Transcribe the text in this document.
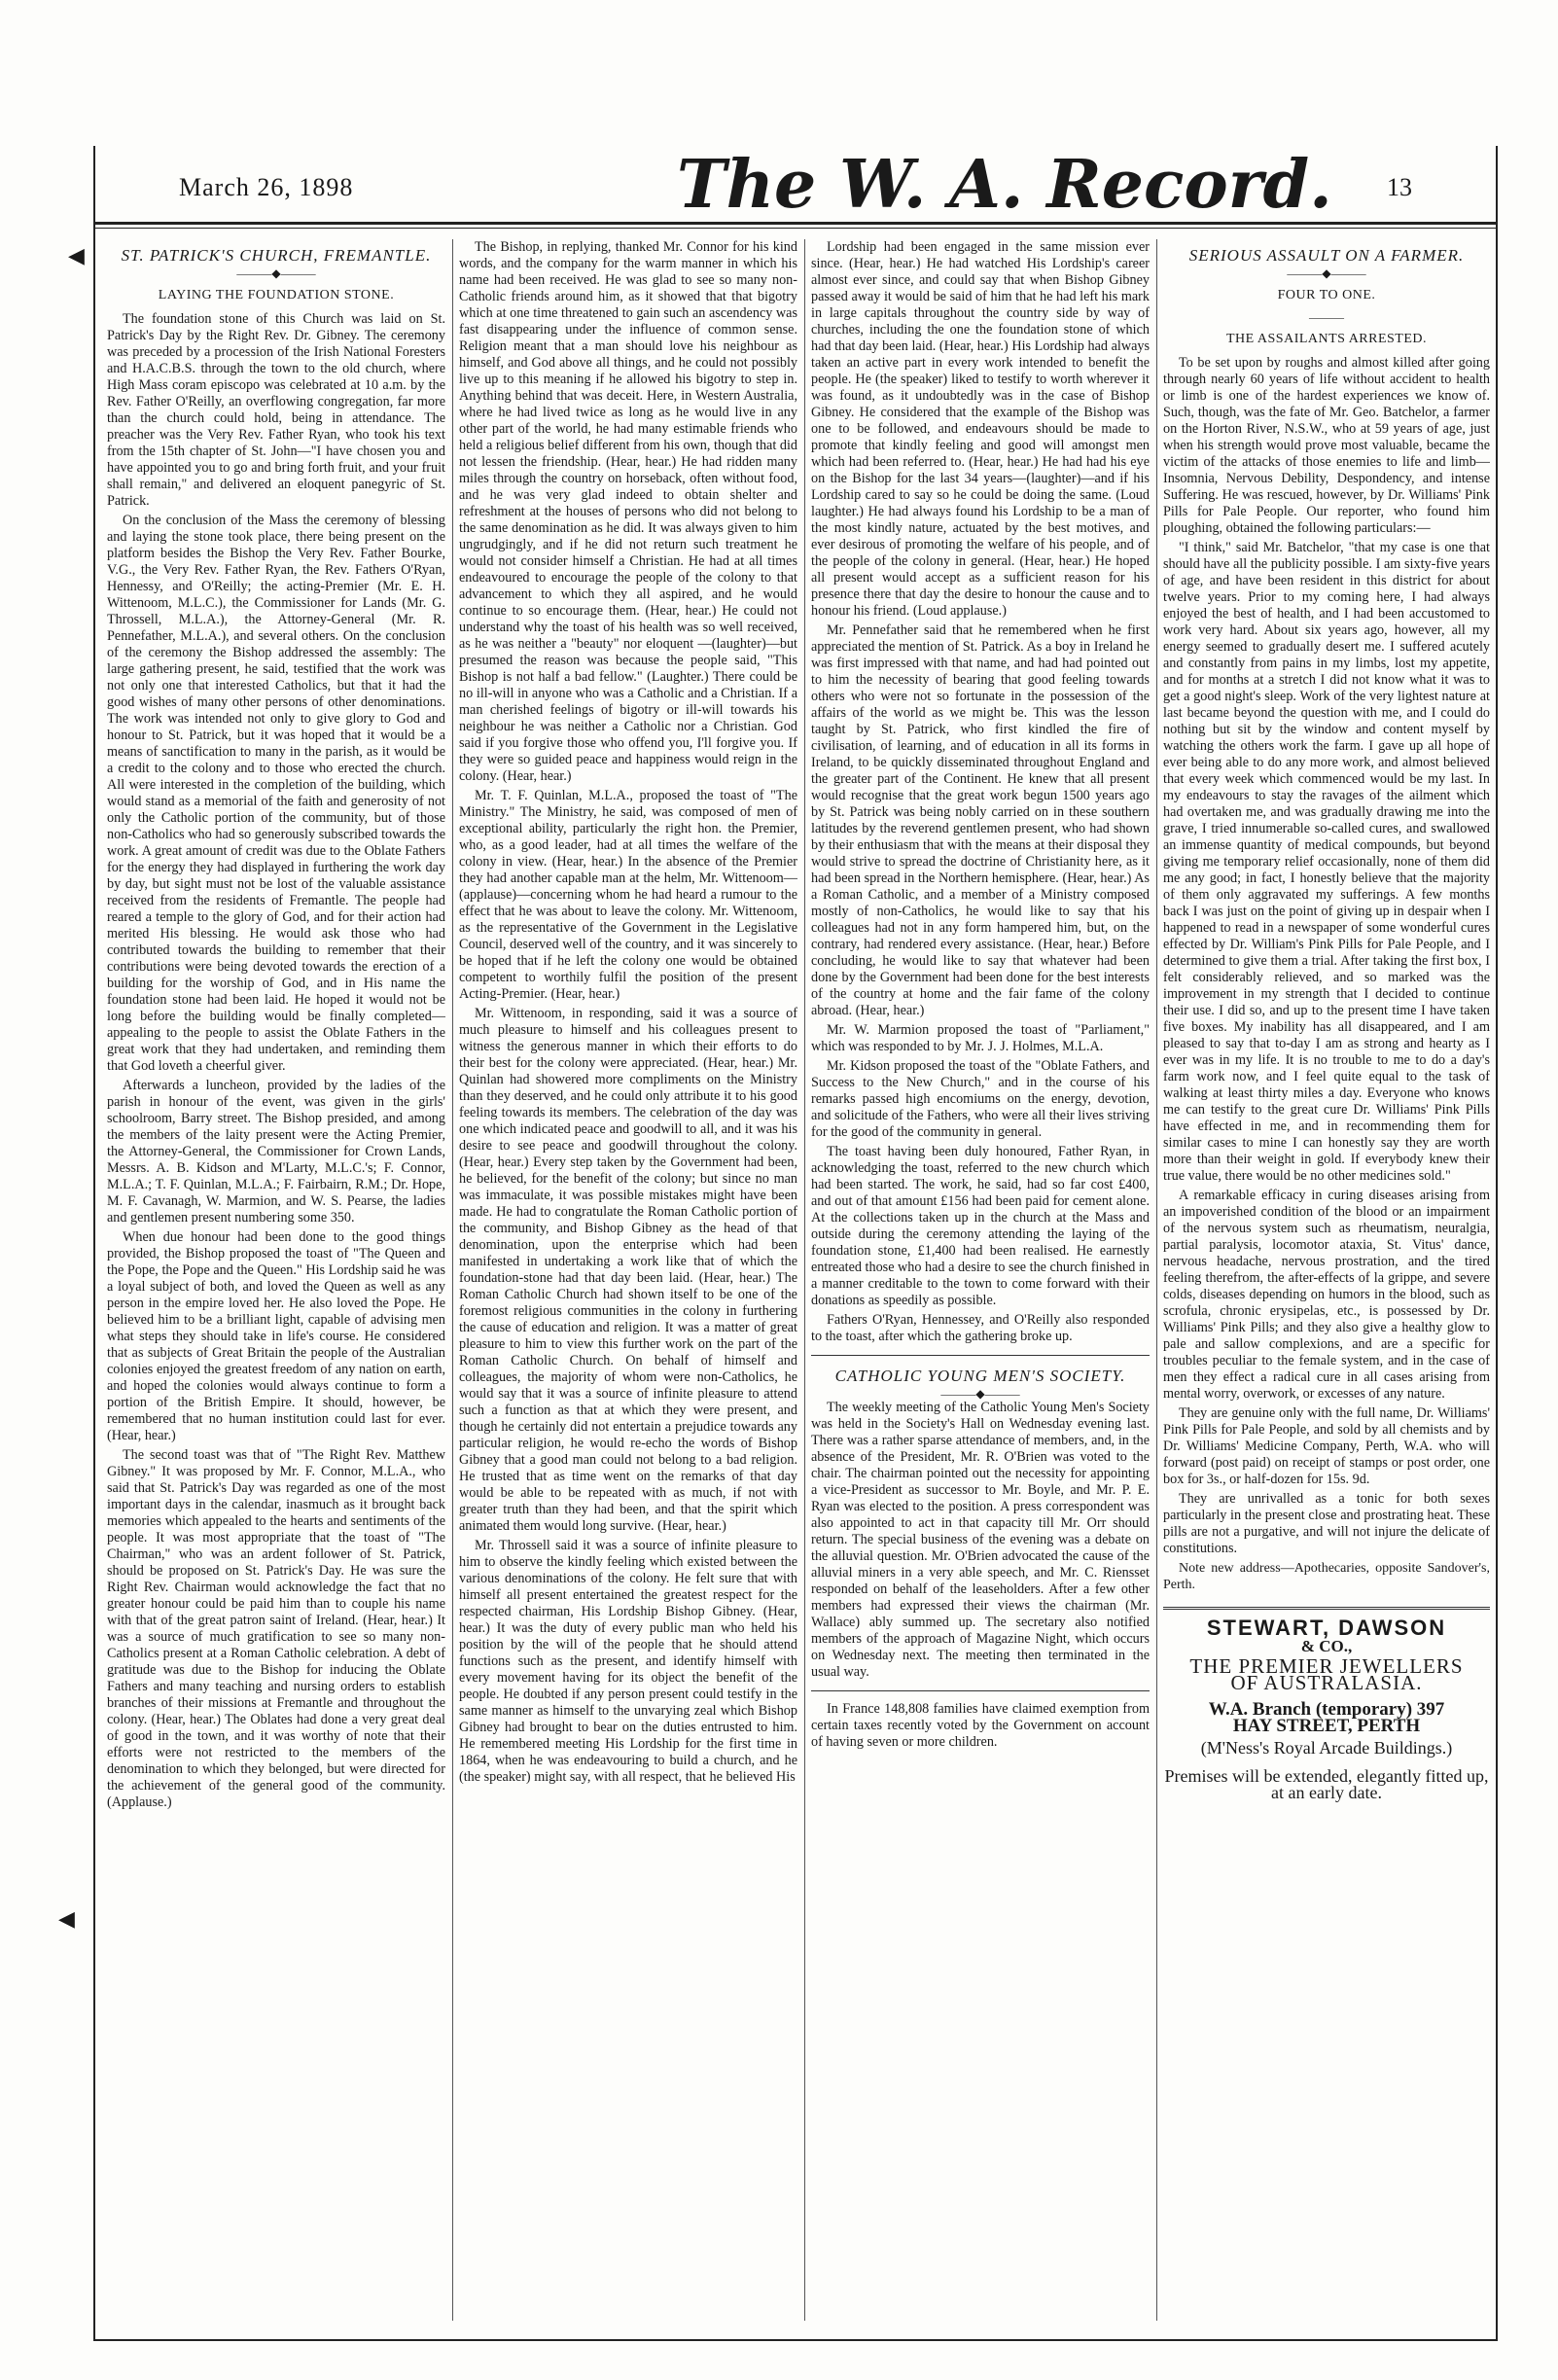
March 26, 1898	The W. A. Record. 13
◀
◀
ST. PATRICK'S CHURCH, FREMANTLE.
———◆———
LAYING THE FOUNDATION STONE.

The foundation stone of this Church was laid on St. Patrick's Day by the Right Rev. Dr. Gibney. The ceremony was preceded by a procession of the Irish National Foresters and H.A.C.B.S. through the town to the old church, where High Mass coram episcopo was celebrated at 10 a.m. by the Rev. Father O'Reilly, an overflowing congregation, far more than the church could hold, being in attendance. The preacher was the Very Rev. Father Ryan, who took his text from the 15th chapter of St. John—"I have chosen you and have appointed you to go and bring forth fruit, and your fruit shall remain," and delivered an eloquent panegyric of St. Patrick.

On the conclusion of the Mass the ceremony of blessing and laying the stone took place, there being present on the platform besides the Bishop the Very Rev. Father Bourke, V.G., the Very Rev. Father Ryan, the Rev. Fathers O'Ryan, Hennessy, and O'Reilly; the acting-Premier (Mr. E. H. Wittenoom, M.L.C.), the Commissioner for Lands (Mr. G. Throssell, M.L.A.), the Attorney-General (Mr. R. Pennefather, M.L.A.), and several others. On the conclusion of the ceremony the Bishop addressed the assembly: The large gathering present, he said, testified that the work was not only one that interested Catholics, but that it had the good wishes of many other persons of other denominations. The work was intended not only to give glory to God and honour to St. Patrick, but it was hoped that it would be a means of sanctification to many in the parish, as it would be a credit to the colony and to those who erected the church. All were interested in the completion of the building, which would stand as a memorial of the faith and generosity of not only the Catholic portion of the community, but of those non-Catholics who had so generously subscribed towards the work. A great amount of credit was due to the Oblate Fathers for the energy they had displayed in furthering the work day by day, but sight must not be lost of the valuable assistance received from the residents of Fremantle. The people had reared a temple to the glory of God, and for their action had merited His blessing. He would ask those who had contributed towards the building to remember that their contributions were being devoted towards the erection of a building for the worship of God, and in His name the foundation stone had been laid. He hoped it would not be long before the building would be finally completed—appealing to the people to assist the Oblate Fathers in the great work that they had undertaken, and reminding them that God loveth a cheerful giver.

Afterwards a luncheon, provided by the ladies of the parish in honour of the event, was given in the girls' schoolroom, Barry street. The Bishop presided, and among the members of the laity present were the Acting Premier, the Attorney-General, the Commissioner for Crown Lands, Messrs. A. B. Kidson and M'Larty, M.L.C.'s; F. Connor, M.L.A.; T. F. Quinlan, M.L.A.; F. Fairbairn, R.M.; Dr. Hope, M. F. Cavanagh, W. Marmion, and W. S. Pearse, the ladies and gentlemen present numbering some 350.

When due honour had been done to the good things provided, the Bishop proposed the toast of "The Queen and the Pope, the Pope and the Queen." His Lordship said he was a loyal subject of both, and loved the Queen as well as any person in the empire loved her. He also loved the Pope. He believed him to be a brilliant light, capable of advising men what steps they should take in life's course. He considered that as subjects of Great Britain the people of the Australian colonies enjoyed the greatest freedom of any nation on earth, and hoped the colonies would always continue to form a portion of the British Empire. It should, however, be remembered that no human institution could last for ever. (Hear, hear.)

The second toast was that of "The Right Rev. Matthew Gibney." It was proposed by Mr. F. Connor, M.L.A., who said that St. Patrick's Day was regarded as one of the most important days in the calendar, inasmuch as it brought back memories which appealed to the hearts and sentiments of the people. It was most appropriate that the toast of "The Chairman," who was an ardent follower of St. Patrick, should be proposed on St. Patrick's Day. He was sure the Right Rev. Chairman would acknowledge the fact that no greater honour could be paid him than to couple his name with that of the great patron saint of Ireland. (Hear, hear.) It was a source of much gratification to see so many non-Catholics present at a Roman Catholic celebration. A debt of gratitude was due to the Bishop for inducing the Oblate Fathers and many teaching and nursing orders to establish branches of their missions at Fremantle and throughout the colony. (Hear, hear.) The Oblates had done a very great deal of good in the town, and it was worthy of note that their efforts were not restricted to the members of the denomination to which they belonged, but were directed for the achievement of the general good of the community. (Applause.)

The Bishop, in replying, thanked Mr. Connor for his kind words, and the company for the warm manner in which his name had been received. He was glad to see so many non-Catholic friends around him, as it showed that that bigotry which at one time threatened to gain such an ascendency was fast disappearing under the influence of common sense. Religion meant that a man should love his neighbour as himself, and God above all things, and he could not possibly live up to this meaning if he allowed his bigotry to step in. Anything behind that was deceit. Here, in Western Australia, where he had lived twice as long as he would live in any other part of the world, he had many estimable friends who held a religious belief different from his own, though that did not lessen the friendship. (Hear, hear.) He had ridden many miles through the country on horseback, often without food, and he was very glad indeed to obtain shelter and refreshment at the houses of persons who did not belong to the same denomination as he did. It was always given to him ungrudgingly, and if he did not return such treatment he would not consider himself a Christian. He had at all times endeavoured to encourage the people of the colony to that advancement to which they all aspired, and he would continue to so encourage them. (Hear, hear.) He could not understand why the toast of his health was so well received, as he was neither a "beauty" nor eloquent —(laughter)—but presumed the reason was because the people said, "This Bishop is not half a bad fellow." (Laughter.) There could be no ill-will in anyone who was a Catholic and a Christian. If a man cherished feelings of bigotry or ill-will towards his neighbour he was neither a Catholic nor a Christian. God said if you forgive those who offend you, I'll forgive you. If they were so guided peace and happiness would reign in the colony. (Hear, hear.)

Mr. T. F. Quinlan, M.L.A., proposed the toast of "The Ministry." The Ministry, he said, was composed of men of exceptional ability, particularly the right hon. the Premier, who, as a good leader, had at all times the welfare of the colony in view. (Hear, hear.) In the absence of the Premier they had another capable man at the helm, Mr. Wittenoom—(applause)—concerning whom he had heard a rumour to the effect that he was about to leave the colony. Mr. Wittenoom, as the representative of the Government in the Legislative Council, deserved well of the country, and it was sincerely to be hoped that if he left the colony one would be obtained competent to worthily fulfil the position of the present Acting-Premier. (Hear, hear.)

Mr. Wittenoom, in responding, said it was a source of much pleasure to himself and his colleagues present to witness the generous manner in which their efforts to do their best for the colony were appreciated. (Hear, hear.) Mr. Quinlan had showered more compliments on the Ministry than they deserved, and he could only attribute it to his good feeling towards its members. The celebration of the day was one which indicated peace and goodwill to all, and it was his desire to see peace and goodwill throughout the colony. (Hear, hear.) Every step taken by the Government had been, he believed, for the benefit of the colony; but since no man was immaculate, it was possible mistakes might have been made. He had to congratulate the Roman Catholic portion of the community, and Bishop Gibney as the head of that denomination, upon the enterprise which had been manifested in undertaking a work like that of which the foundation-stone had that day been laid. (Hear, hear.) The Roman Catholic Church had shown itself to be one of the foremost religious communities in the colony in furthering the cause of education and religion. It was a matter of great pleasure to him to view this further work on the part of the Roman Catholic Church. On behalf of himself and colleagues, the majority of whom were non-Catholics, he would say that it was a source of infinite pleasure to attend such a function as that at which they were present, and though he certainly did not entertain a prejudice towards any particular religion, he would re-echo the words of Bishop Gibney that a good man could not belong to a bad religion. He trusted that as time went on the remarks of that day would be able to be repeated with as much, if not with greater truth than they had been, and that the spirit which animated them would long survive. (Hear, hear.)

Mr. Throssell said it was a source of infinite pleasure to him to observe the kindly feeling which existed between the various denominations of the colony. He felt sure that with himself all present entertained the greatest respect for the respected chairman, His Lordship Bishop Gibney. (Hear, hear.) It was the duty of every public man who held his position by the will of the people that he should attend functions such as the present, and identify himself with every movement having for its object the benefit of the people. He doubted if any person present could testify in the same manner as himself to the unvarying zeal which Bishop Gibney had brought to bear on the duties entrusted to him. He remembered meeting His Lordship for the first time in 1864, when he was endeavouring to build a church, and he (the speaker) might say, with all respect, that he believed His

Lordship had been engaged in the same mission ever since. (Hear, hear.) He had watched His Lordship's career almost ever since, and could say that when Bishop Gibney passed away it would be said of him that he had left his mark in large capitals throughout the country side by way of churches, including the one the foundation stone of which had that day been laid. (Hear, hear.) His Lordship had always taken an active part in every work intended to benefit the people. He (the speaker) liked to testify to worth wherever it was found, as it undoubtedly was in the case of Bishop Gibney. He considered that the example of the Bishop was one to be followed, and endeavours should be made to promote that kindly feeling and good will amongst men which had been referred to. (Hear, hear.) He had had his eye on the Bishop for the last 34 years—(laughter)—and if his Lordship cared to say so he could be doing the same. (Loud laughter.) He had always found his Lordship to be a man of the most kindly nature, actuated by the best motives, and ever desirous of promoting the welfare of his people, and of the people of the colony in general. (Hear, hear.) He hoped all present would accept as a sufficient reason for his presence there that day the desire to honour the cause and to honour his friend. (Loud applause.)

Mr. Pennefather said that he remembered when he first appreciated the mention of St. Patrick. As a boy in Ireland he was first impressed with that name, and had had pointed out to him the necessity of bearing that good feeling towards others who were not so fortunate in the possession of the affairs of the world as we might be. This was the lesson taught by St. Patrick, who first kindled the fire of civilisation, of learning, and of education in all its forms in Ireland, to be quickly disseminated throughout England and the greater part of the Continent. He knew that all present would recognise that the great work begun 1500 years ago by St. Patrick was being nobly carried on in these southern latitudes by the reverend gentlemen present, who had shown by their enthusiasm that with the means at their disposal they would strive to spread the doctrine of Christianity here, as it had been spread in the Northern hemisphere. (Hear, hear.) As a Roman Catholic, and a member of a Ministry composed mostly of non-Catholics, he would like to say that his colleagues had not in any form hampered him, but, on the contrary, had rendered every assistance. (Hear, hear.) Before concluding, he would like to say that whatever had been done by the Government had been done for the best interests of the country at home and the fair fame of the colony abroad. (Hear, hear.)

Mr. W. Marmion proposed the toast of "Parliament," which was responded to by Mr. J. J. Holmes, M.L.A.

Mr. Kidson proposed the toast of the "Oblate Fathers, and Success to the New Church," and in the course of his remarks passed high encomiums on the energy, devotion, and solicitude of the Fathers, who were all their lives striving for the good of the community in general.

The toast having been duly honoured, Father Ryan, in acknowledging the toast, referred to the new church which had been started. The work, he said, had so far cost £400, and out of that amount £156 had been paid for cement alone. At the collections taken up in the church at the Mass and outside during the ceremony attending the laying of the foundation stone, £1,400 had been realised. He earnestly entreated those who had a desire to see the church finished in a manner creditable to the town to come forward with their donations as speedily as possible.

Fathers O'Ryan, Hennessey, and O'Reilly also responded to the toast, after which the gathering broke up.

CATHOLIC YOUNG MEN'S SOCIETY.
———◆———

The weekly meeting of the Catholic Young Men's Society was held in the Society's Hall on Wednesday evening last. There was a rather sparse attendance of members, and, in the absence of the President, Mr. R. O'Brien was voted to the chair. The chairman pointed out the necessity for appointing a vice-President as successor to Mr. Boyle, and Mr. P. E. Ryan was elected to the position. A press correspondent was also appointed to act in that capacity till Mr. Orr should return. The special business of the evening was a debate on the alluvial question. Mr. O'Brien advocated the cause of the alluvial miners in a very able speech, and Mr. C. Riensset responded on behalf of the leaseholders. After a few other members had expressed their views the chairman (Mr. Wallace) ably summed up. The secretary also notified members of the approach of Magazine Night, which occurs on Wednesday next. The meeting then terminated in the usual way.

In France 148,808 families have claimed exemption from certain taxes recently voted by the Government on account of having seven or more children.

SERIOUS ASSAULT ON A FARMER.
———◆———
FOUR TO ONE.
———
THE ASSAILANTS ARRESTED.

To be set upon by roughs and almost killed after going through nearly 60 years of life without accident to health or limb is one of the hardest experiences we know of. Such, though, was the fate of Mr. Geo. Batchelor, a farmer on the Horton River, N.S.W., who at 59 years of age, just when his strength would prove most valuable, became the victim of the attacks of those enemies to life and limb—Insomnia, Nervous Debility, Despondency, and intense Suffering. He was rescued, however, by Dr. Williams' Pink Pills for Pale People. Our reporter, who found him ploughing, obtained the following particulars:—

"I think," said Mr. Batchelor, "that my case is one that should have all the publicity possible. I am sixty-five years of age, and have been resident in this district for about twelve years. Prior to my coming here, I had always enjoyed the best of health, and I had been accustomed to work very hard. About six years ago, however, all my energy seemed to gradually desert me. I suffered acutely and constantly from pains in my limbs, lost my appetite, and for months at a stretch I did not know what it was to get a good night's sleep. Work of the very lightest nature at last became beyond the question with me, and I could do nothing but sit by the window and content myself by watching the others work the farm. I gave up all hope of ever being able to do any more work, and almost believed that every week which commenced would be my last. In my endeavours to stay the ravages of the ailment which had overtaken me, and was gradually drawing me into the grave, I tried innumerable so-called cures, and swallowed an immense quantity of medical compounds, but beyond giving me temporary relief occasionally, none of them did me any good; in fact, I honestly believe that the majority of them only aggravated my sufferings. A few months back I was just on the point of giving up in despair when I happened to read in a newspaper of some wonderful cures effected by Dr. William's Pink Pills for Pale People, and I determined to give them a trial. After taking the first box, I felt considerably relieved, and so marked was the improvement in my strength that I decided to continue their use. I did so, and up to the present time I have taken five boxes. My inability has all disappeared, and I am pleased to say that to-day I am as strong and hearty as I ever was in my life. It is no trouble to me to do a day's farm work now, and I feel quite equal to the task of walking at least thirty miles a day. Everyone who knows me can testify to the great cure Dr. Williams' Pink Pills have effected in me, and in recommending them for similar cases to mine I can honestly say they are worth more than their weight in gold. If everybody knew their true value, there would be no other medicines sold."

A remarkable efficacy in curing diseases arising from an impoverished condition of the blood or an impairment of the nervous system such as rheumatism, neuralgia, partial paralysis, locomotor ataxia, St. Vitus' dance, nervous headache, nervous prostration, and the tired feeling therefrom, the after-effects of la grippe, and severe colds, diseases depending on humors in the blood, such as scrofula, chronic erysipelas, etc., is possessed by Dr. Williams' Pink Pills; and they also give a healthy glow to pale and sallow complexions, and are a specific for troubles peculiar to the female system, and in the case of men they effect a radical cure in all cases arising from mental worry, overwork, or excesses of any nature.

They are genuine only with the full name, Dr. Williams' Pink Pills for Pale People, and sold by all chemists and by Dr. Williams' Medicine Company, Perth, W.A. who will forward (post paid) on receipt of stamps or post order, one box for 3s., or half-dozen for 15s. 9d.

They are unrivalled as a tonic for both sexes particularly in the present close and prostrating heat. These pills are not a purgative, and will not injure the delicate of constitutions.

Note new address—Apothecaries, opposite Sandover's, Perth.

STEWART, DAWSON
& CO.,
THE PREMIER JEWELLERS
OF AUSTRALASIA.
W.A. Branch (temporary) 397
HAY STREET, PERTH
(M'Ness's Royal Arcade Buildings.)
Premises will be extended, elegantly fitted up, at an early date.
